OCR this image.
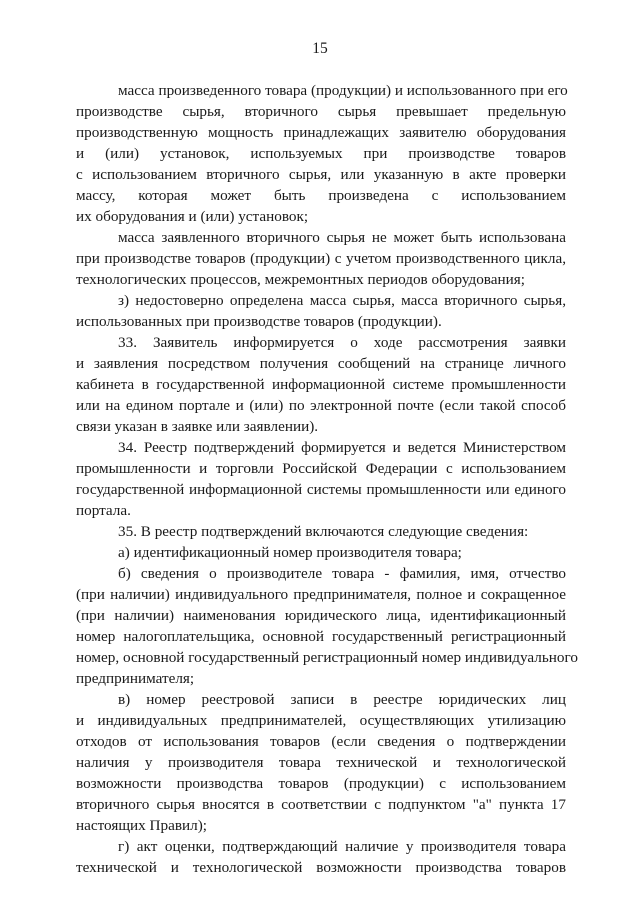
15
масса произведенного товара (продукции) и использованного при его
производстве сырья, вторичного сырья превышает предельную
производственную мощность принадлежащих заявителю оборудования
и (или) установок, используемых при производстве товаров
с использованием вторичного сырья, или указанную в акте проверки
массу, которая может быть произведена с использованием
их оборудования и (или) установок;
масса заявленного вторичного сырья не может быть использована
при производстве товаров (продукции) с учетом производственного цикла,
технологических процессов, межремонтных периодов оборудования;
з) недостоверно определена масса сырья, масса вторичного сырья,
использованных при производстве товаров (продукции).
33. Заявитель информируется о ходе рассмотрения заявки
и заявления посредством получения сообщений на странице личного
кабинета в государственной информационной системе промышленности
или на едином портале и (или) по электронной почте (если такой способ
связи указан в заявке или заявлении).
34. Реестр подтверждений формируется и ведется Министерством
промышленности и торговли Российской Федерации с использованием
государственной информационной системы промышленности или единого
портала.
35. В реестр подтверждений включаются следующие сведения:
а) идентификационный номер производителя товара;
б) сведения о производителе товара - фамилия, имя, отчество
(при наличии) индивидуального предпринимателя, полное и сокращенное
(при наличии) наименования юридического лица, идентификационный
номер налогоплательщика, основной государственный регистрационный
номер, основной государственный регистрационный номер индивидуального
предпринимателя;
в) номер реестровой записи в реестре юридических лиц
и индивидуальных предпринимателей, осуществляющих утилизацию
отходов от использования товаров (если сведения о подтверждении
наличия у производителя товара технической и технологической
возможности производства товаров (продукции) с использованием
вторичного сырья вносятся в соответствии с подпунктом "а" пункта 17
настоящих Правил);
г) акт оценки, подтверждающий наличие у производителя товара
технической и технологической возможности производства товаров
